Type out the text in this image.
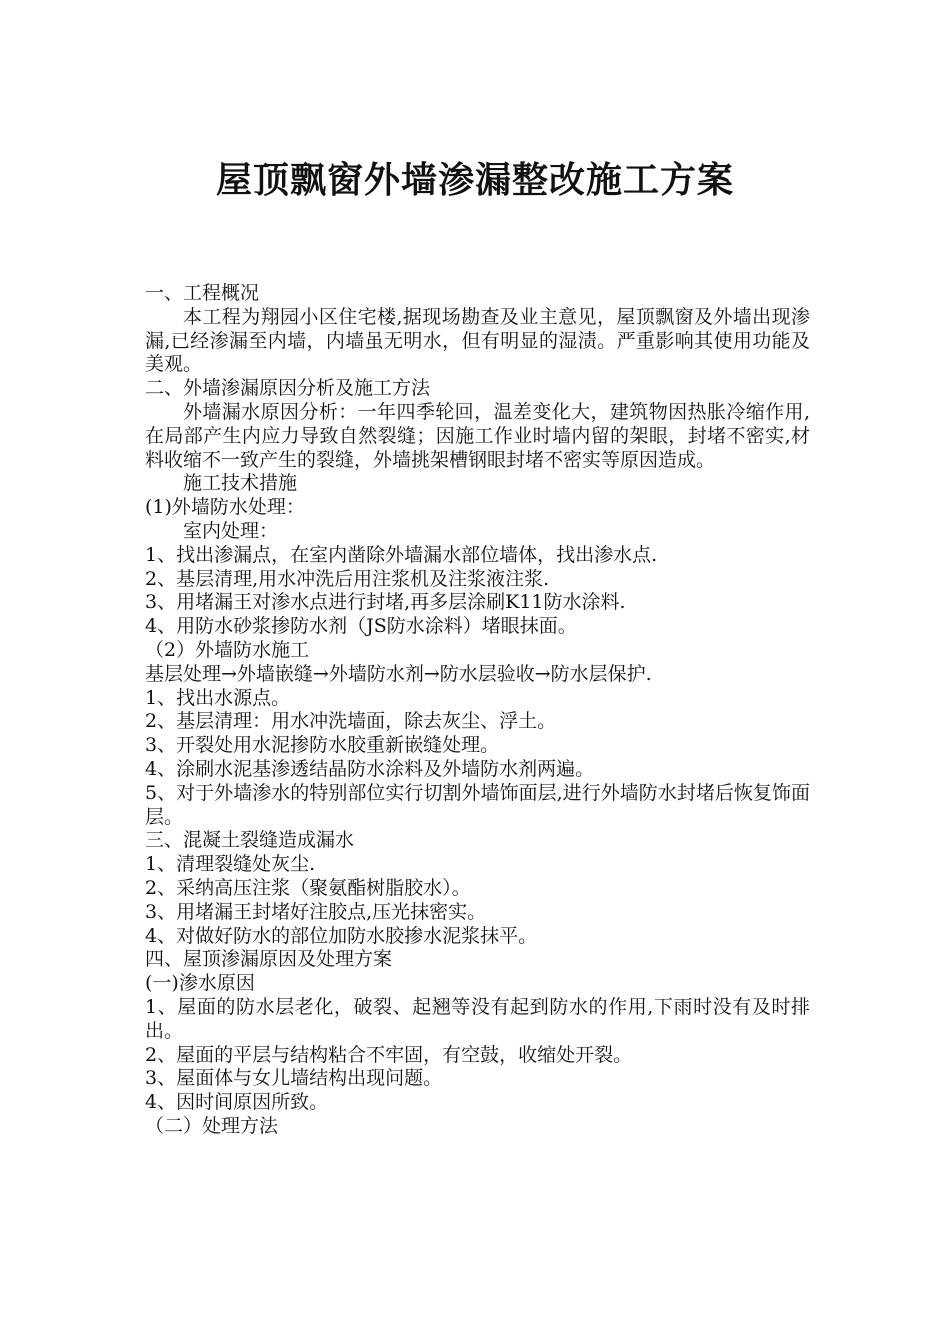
屋顶飘窗外墙渗漏整改施工方案

一、工程概况

本工程为翔园小区住宅楼,据现场勘查及业主意见，屋顶飘窗及外墙出现渗漏,已经渗漏至内墙，内墙虽无明水，但有明显的湿渍。严重影响其使用功能及美观。

二、外墙渗漏原因分析及施工方法

外墙漏水原因分析：一年四季轮回，温差变化大，建筑物因热胀冷缩作用,在局部产生内应力导致自然裂缝；因施工作业时墙内留的架眼，封堵不密实,材料收缩不一致产生的裂缝，外墙挑架槽钢眼封堵不密实等原因造成。

施工技术措施

(1)外墙防水处理：

室内处理：

1、找出渗漏点，在室内凿除外墙漏水部位墙体，找出渗水点.

2、基层清理,用水冲洗后用注浆机及注浆液注浆.

3、用堵漏王对渗水点进行封堵,再多层涂刷K11防水涂料.

4、用防水砂浆掺防水剂（JS防水涂料）堵眼抹面。

（2）外墙防水施工

基层处理→外墙嵌缝→外墙防水剂→防水层验收→防水层保护.

1、找出水源点。

2、基层清理：用水冲洗墙面，除去灰尘、浮土。

3、开裂处用水泥掺防水胶重新嵌缝处理。

4、涂刷水泥基渗透结晶防水涂料及外墙防水剂两遍。

5、对于外墙渗水的特别部位实行切割外墙饰面层,进行外墙防水封堵后恢复饰面层。

三、混凝土裂缝造成漏水

1、清理裂缝处灰尘.

2、采纳高压注浆（聚氨酯树脂胶水）。

3、用堵漏王封堵好注胶点,压光抹密实。

4、对做好防水的部位加防水胶掺水泥浆抹平。

四、屋顶渗漏原因及处理方案

(一)渗水原因

1、屋面的防水层老化，破裂、起翘等没有起到防水的作用,下雨时没有及时排出。

2、屋面的平层与结构粘合不牢固，有空鼓，收缩处开裂。

3、屋面体与女儿墙结构出现问题。

4、因时间原因所致。

（二）处理方法
